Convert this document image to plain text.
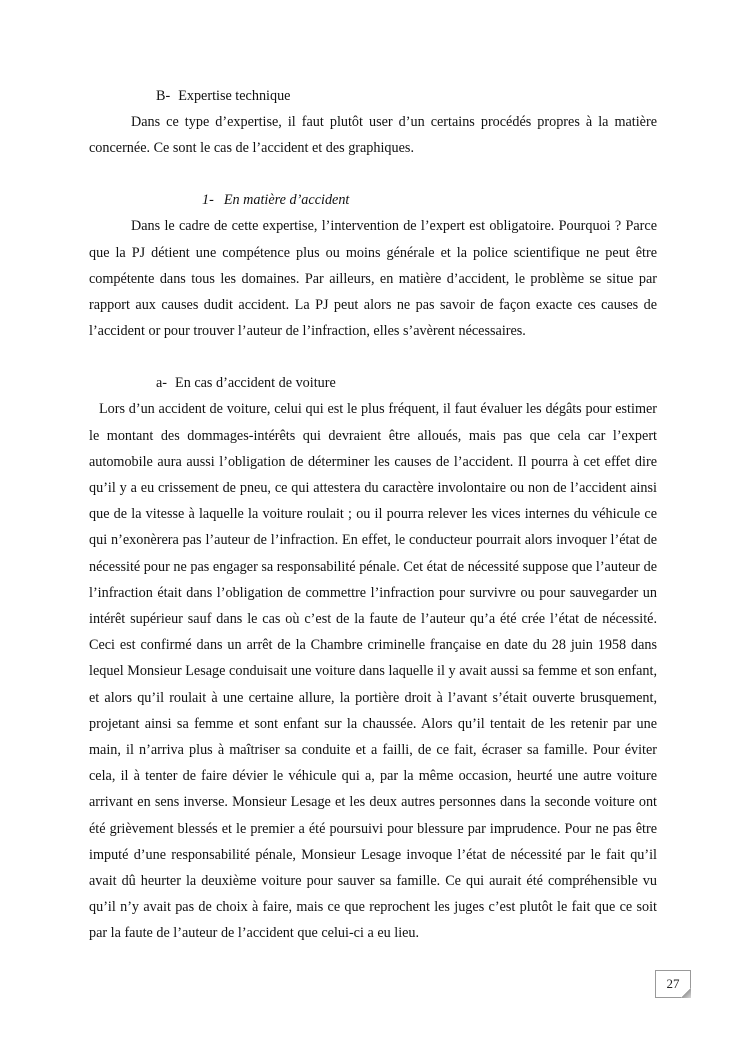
B- Expertise technique

Dans ce type d’expertise, il faut plutôt user d’un certains procédés propres à la matière concernée. Ce sont le cas de l’accident et des graphiques.

1- En matière d’accident

Dans le cadre de cette expertise, l’intervention de l’expert est obligatoire. Pourquoi ? Parce que la PJ détient une compétence plus ou moins générale et la police scientifique ne peut être compétente dans tous les domaines. Par ailleurs, en matière d’accident, le problème se situe par rapport aux causes dudit accident. La PJ peut alors ne pas savoir de façon exacte ces causes de l’accident or pour trouver l’auteur de l’infraction, elles s’avèrent nécessaires.

a- En cas d’accident de voiture

Lors d’un accident de voiture, celui qui est le plus fréquent, il faut évaluer les dégâts pour estimer le montant des dommages-intérêts qui devraient être alloués, mais pas que cela car l’expert automobile aura aussi l’obligation de déterminer les causes de l’accident. Il pourra à cet effet dire qu’il y a eu crissement de pneu, ce qui attestera du caractère involontaire ou non de l’accident ainsi que de la vitesse à laquelle la voiture roulait ; ou il pourra relever les vices internes du véhicule ce qui n’exonèrera pas l’auteur de l’infraction. En effet, le conducteur pourrait alors invoquer l’état de nécessité pour ne pas engager sa responsabilité pénale. Cet état de nécessité suppose que l’auteur de l’infraction était dans l’obligation de commettre l’infraction pour survivre ou pour sauvegarder un intérêt supérieur sauf dans le cas où c’est de la faute de l’auteur qu’a été crée l’état de nécessité. Ceci est confirmé dans un arrêt de la Chambre criminelle française en date du 28 juin 1958 dans lequel Monsieur Lesage conduisait une voiture dans laquelle il y avait aussi sa femme et son enfant, et alors qu’il roulait à une certaine allure, la portière droit à l’avant s’était ouverte brusquement, projetant ainsi sa femme et sont enfant sur la chaussée. Alors qu’il tentait de les retenir par une main, il n’arriva plus à maîtriser sa conduite et a failli, de ce fait, écraser sa famille. Pour éviter cela, il à tenter de faire dévier le véhicule qui a, par la même occasion, heurté une autre voiture arrivant en sens inverse. Monsieur Lesage et les deux autres personnes dans la seconde voiture ont été grièvement blessés et le premier a été poursuivi pour blessure par imprudence. Pour ne pas être imputé d’une responsabilité pénale, Monsieur Lesage invoque l’état de nécessité par le fait qu’il avait dû heurter la deuxième voiture pour sauver sa famille. Ce qui aurait été compréhensible vu qu’il n’y avait pas de choix à faire, mais ce que reprochent les juges c’est plutôt le fait que ce soit par la faute de l’auteur de l’accident que celui-ci a eu lieu.

27
